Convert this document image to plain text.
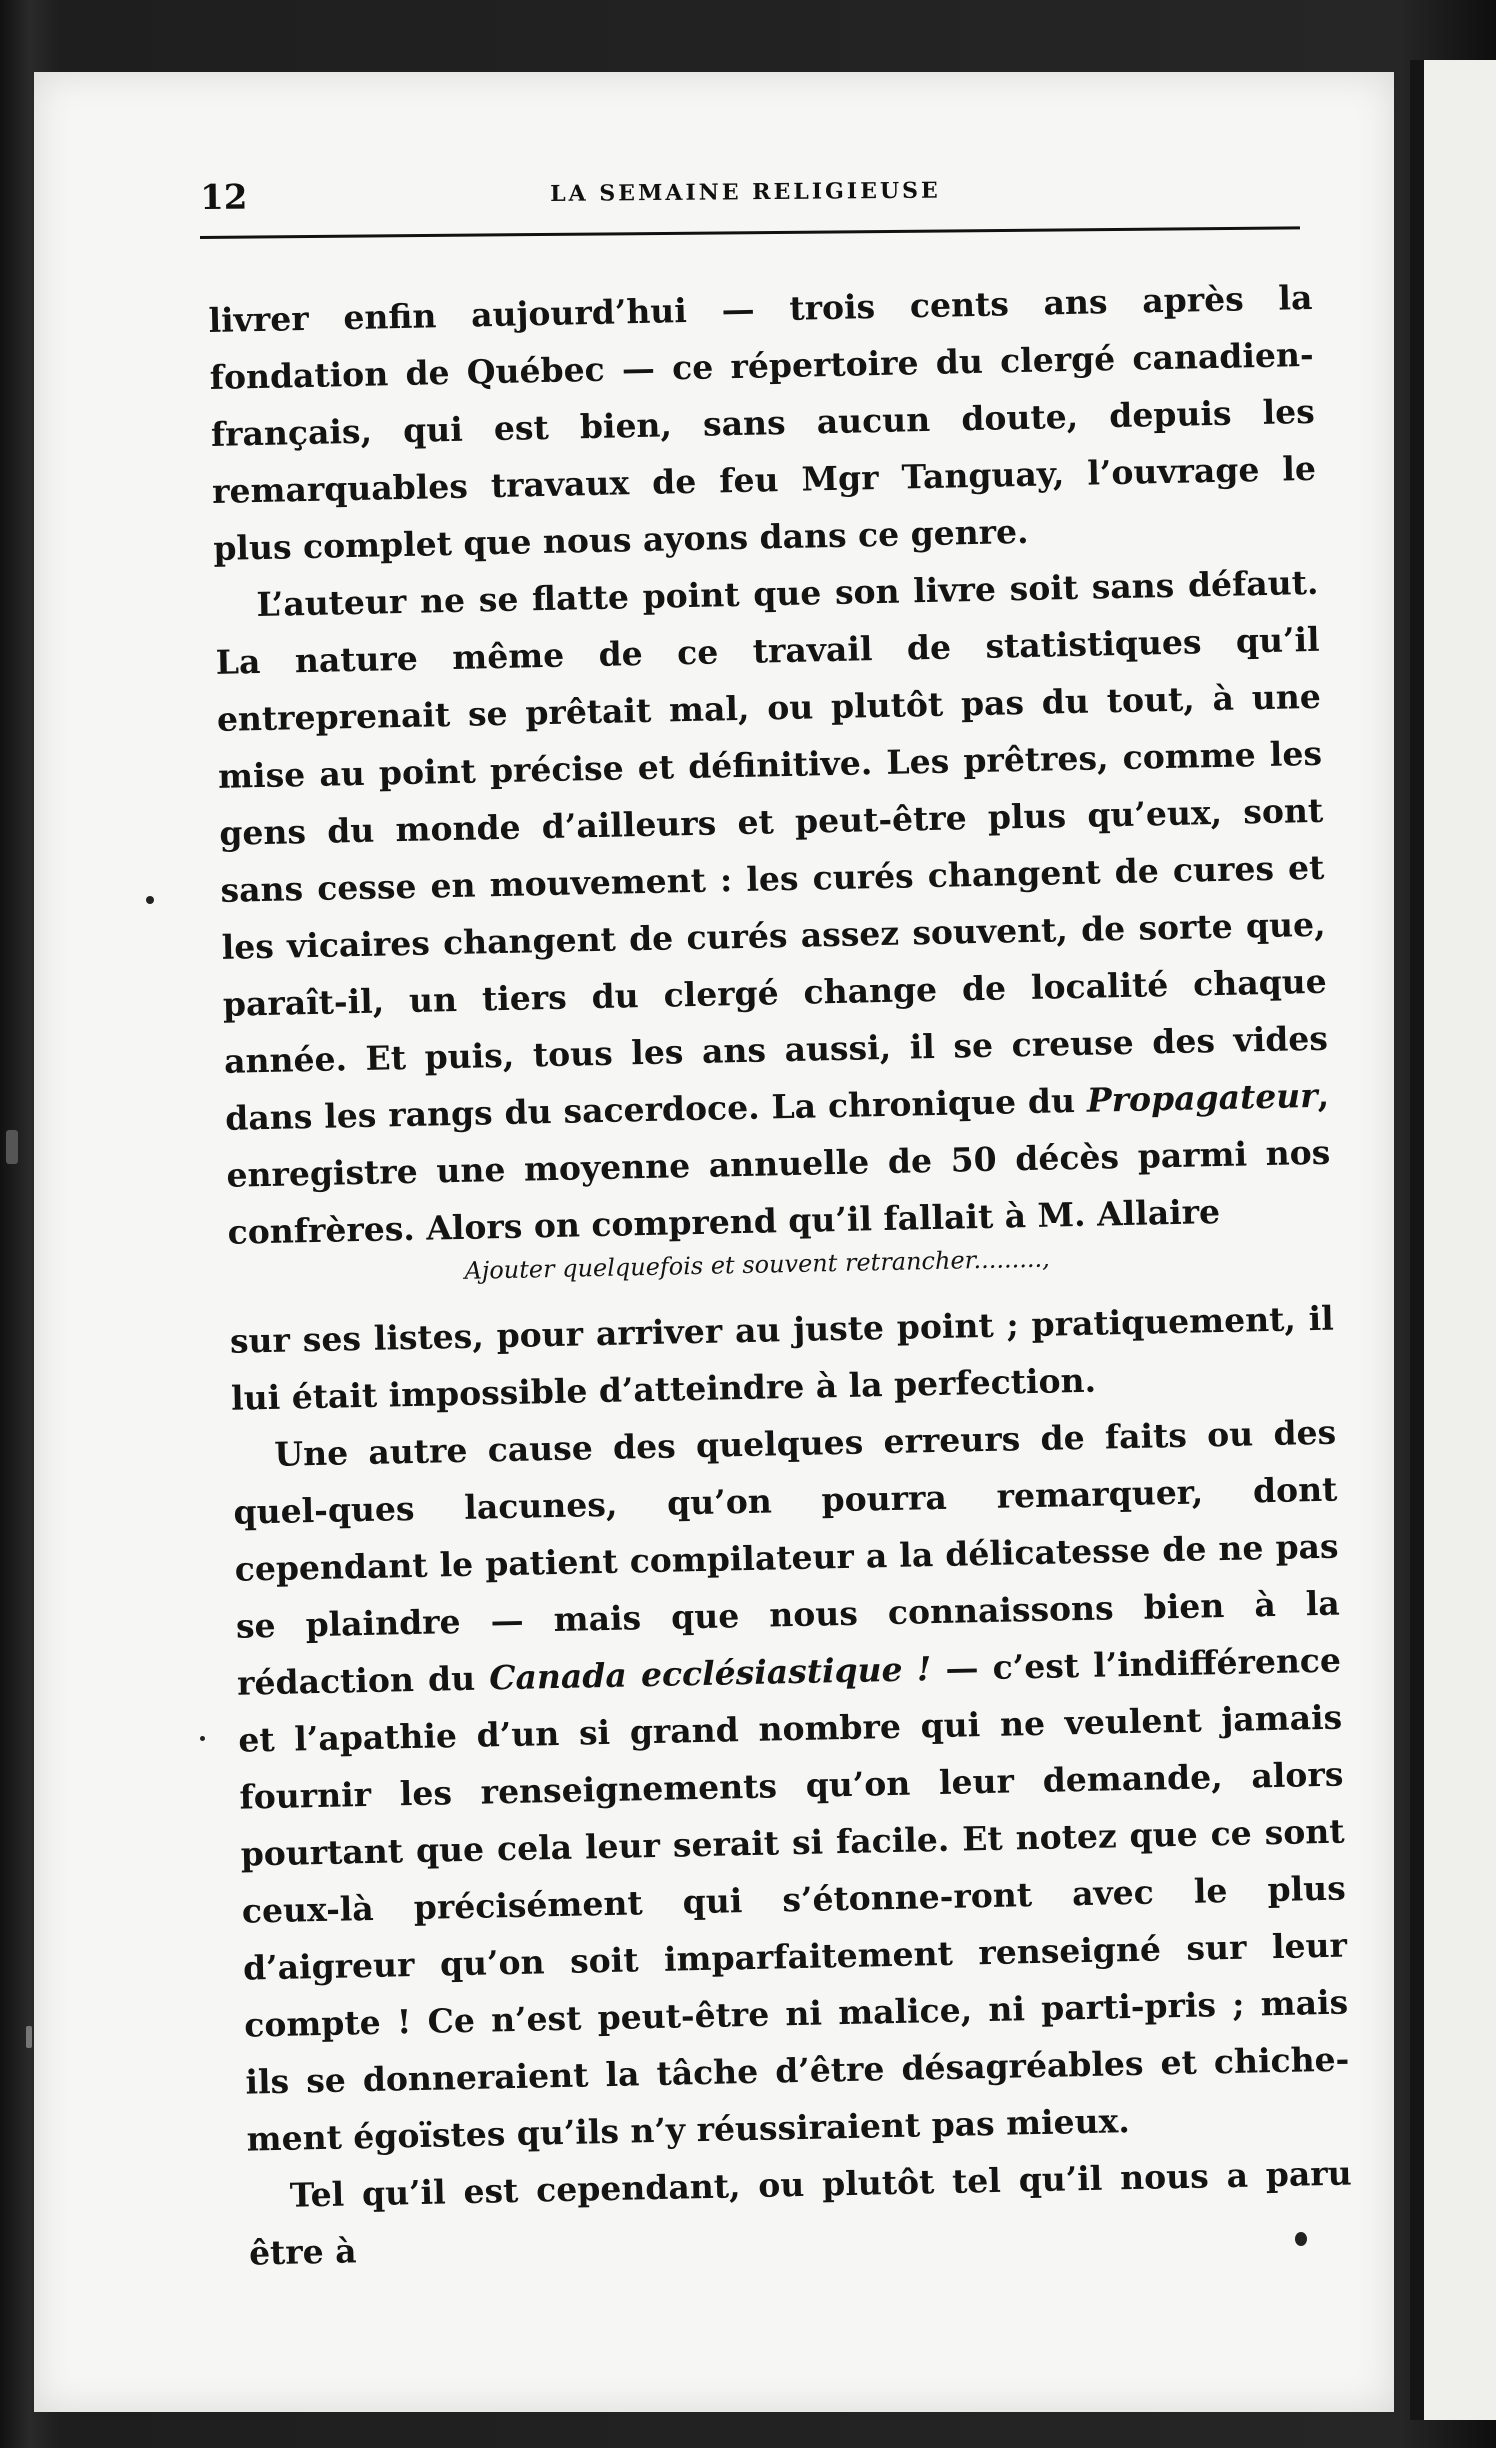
12	LA SEMAINE RELIGIEUSE

livrer enfin aujourd’hui — trois cents ans après la fondation de Québec — ce répertoire du clergé canadien-français, qui est bien, sans aucun doute, depuis les remarquables travaux de feu Mgr Tanguay, l’ouvrage le plus complet que nous ayons dans ce genre.

L’auteur ne se flatte point que son livre soit sans défaut. La nature même de ce travail de statistiques qu’il entreprenait se prêtait mal, ou plutôt pas du tout, à une mise au point précise et définitive. Les prêtres, comme les gens du monde d’ailleurs et peut-être plus qu’eux, sont sans cesse en mouvement : les curés changent de cures et les vicaires changent de curés assez souvent, de sorte que, paraît-il, un tiers du clergé change de localité chaque année. Et puis, tous les ans aussi, il se creuse des vides dans les rangs du sacerdoce. La chronique du Propagateur, enregistre une moyenne annuelle de 50 décès parmi nos confrères. Alors on comprend qu’il fallait à M. Allaire

Ajouter quelquefois et souvent retrancher.........,

sur ses listes, pour arriver au juste point ; pratiquement, il lui était impossible d’atteindre à la perfection.

Une autre cause des quelques erreurs de faits ou des quel-ques lacunes, qu’on pourra remarquer, dont cependant le patient compilateur a la délicatesse de ne pas se plaindre — mais que nous connaissons bien à la rédaction du Canada ecclésiastique ! — c’est l’indifférence et l’apathie d’un si grand nombre qui ne veulent jamais fournir les renseignements qu’on leur demande, alors pourtant que cela leur serait si facile. Et notez que ce sont ceux-là précisément qui s’étonne-ront avec le plus d’aigreur qu’on soit imparfaitement renseigné sur leur compte ! Ce n’est peut-être ni malice, ni parti-pris ; mais ils se donneraient la tâche d’être désagréables et chiche-ment égoïstes qu’ils n’y réussiraient pas mieux.

Tel qu’il est cependant, ou plutôt tel qu’il nous a paru être à
